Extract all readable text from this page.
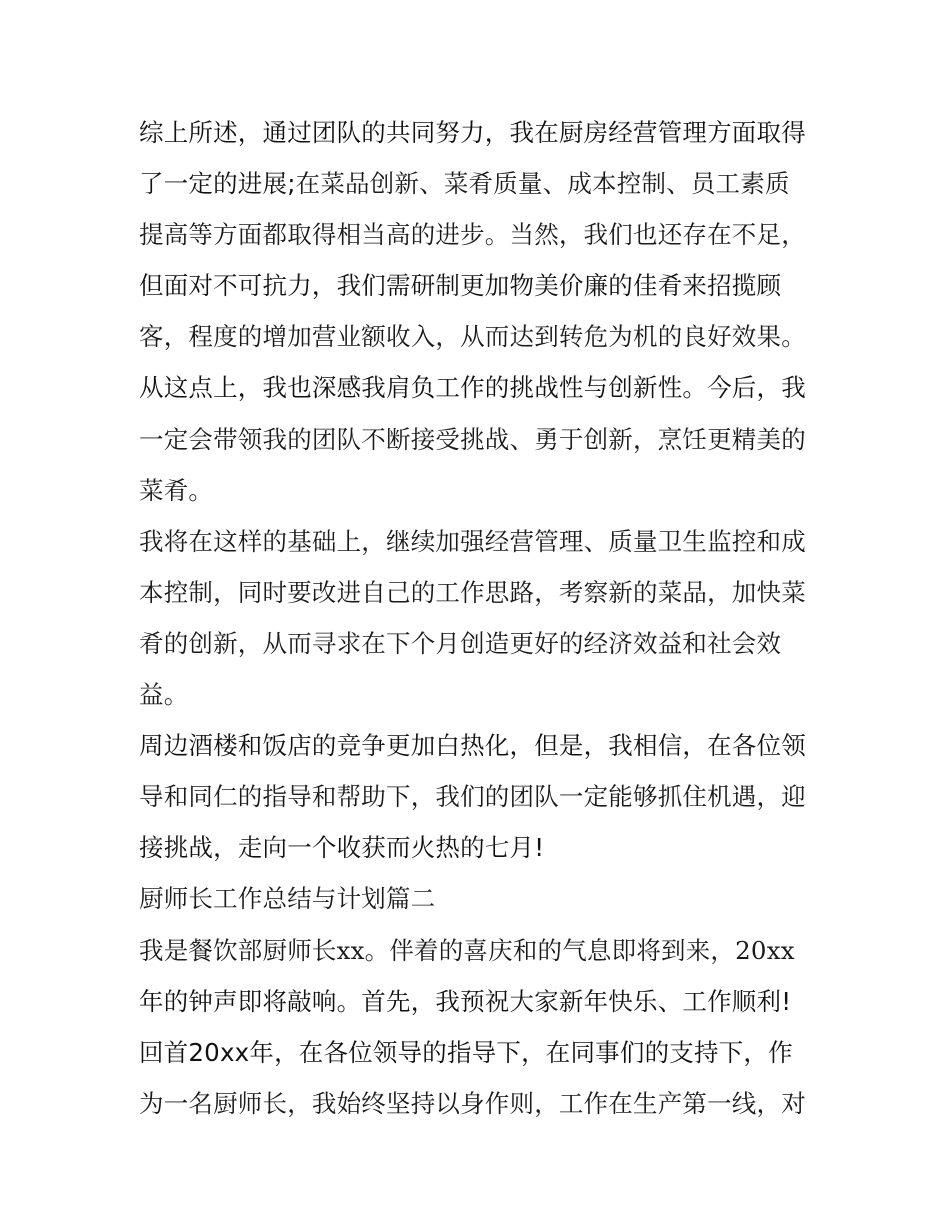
综上所述，通过团队的共同努力，我在厨房经营管理方面取得
了一定的进展;在菜品创新、菜肴质量、成本控制、员工素质
提高等方面都取得相当高的进步。当然，我们也还存在不足，
但面对不可抗力，我们需研制更加物美价廉的佳肴来招揽顾
客，程度的增加营业额收入，从而达到转危为机的良好效果。
从这点上，我也深感我肩负工作的挑战性与创新性。今后，我
一定会带领我的团队不断接受挑战、勇于创新，烹饪更精美的
菜肴。
我将在这样的基础上，继续加强经营管理、质量卫生监控和成
本控制，同时要改进自己的工作思路，考察新的菜品，加快菜
肴的创新，从而寻求在下个月创造更好的经济效益和社会效
益。
周边酒楼和饭店的竞争更加白热化，但是，我相信，在各位领
导和同仁的指导和帮助下，我们的团队一定能够抓住机遇，迎
接挑战，走向一个收获而火热的七月!
厨师长工作总结与计划篇二
我是餐饮部厨师长xx。伴着的喜庆和的气息即将到来，20xx
年的钟声即将敲响。首先，我预祝大家新年快乐、工作顺利!
回首20xx年，在各位领导的指导下，在同事们的支持下，作
为一名厨师长，我始终坚持以身作则，工作在生产第一线，对
